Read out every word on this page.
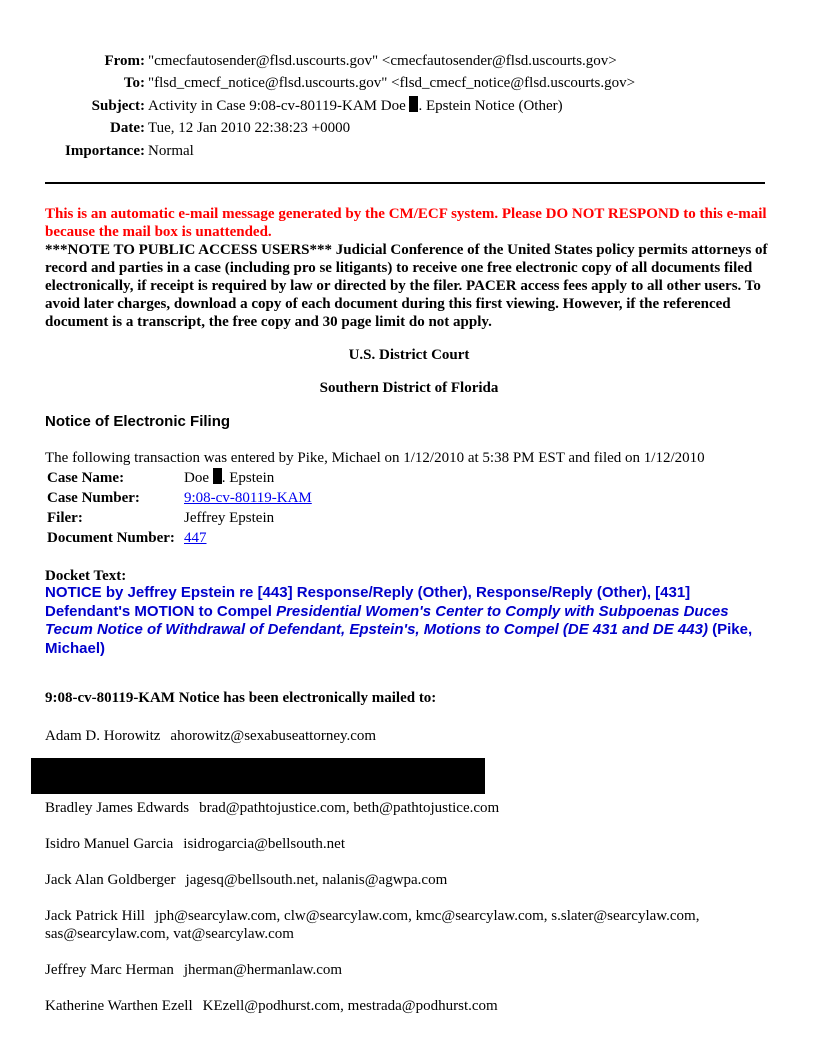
From: "cmecfautosender@flsd.uscourts.gov" <cmecfautosender@flsd.uscourts.gov>
To: "flsd_cmecf_notice@flsd.uscourts.gov" <flsd_cmecf_notice@flsd.uscourts.gov>
Subject: Activity in Case 9:08-cv-80119-KAM Doe . Epstein Notice (Other)
Date: Tue, 12 Jan 2010 22:38:23 +0000
Importance: Normal
This is an automatic e-mail message generated by the CM/ECF system. Please DO NOT RESPOND to this e-mail because the mail box is unattended.
***NOTE TO PUBLIC ACCESS USERS*** Judicial Conference of the United States policy permits attorneys of record and parties in a case (including pro se litigants) to receive one free electronic copy of all documents filed electronically, if receipt is required by law or directed by the filer. PACER access fees apply to all other users. To avoid later charges, download a copy of each document during this first viewing. However, if the referenced document is a transcript, the free copy and 30 page limit do not apply.
U.S. District Court
Southern District of Florida
Notice of Electronic Filing
The following transaction was entered by Pike, Michael on 1/12/2010 at 5:38 PM EST and filed on 1/12/2010
Case Name:	Doe . Epstein
Case Number:	9:08-cv-80119-KAM
Filer:	Jeffrey Epstein
Document Number:	447
Docket Text:
NOTICE by Jeffrey Epstein re [443] Response/Reply (Other), Response/Reply (Other), [431] Defendant's MOTION to Compel Presidential Women's Center to Comply with Subpoenas Duces Tecum Notice of Withdrawal of Defendant, Epstein's, Motions to Compel (DE 431 and DE 443) (Pike, Michael)
9:08-cv-80119-KAM Notice has been electronically mailed to:
Adam D. Horowitz ahorowitz@sexabuseattorney.com
Bradley James Edwards brad@pathtojustice.com, beth@pathtojustice.com
Isidro Manuel Garcia isidrogarcia@bellsouth.net
Jack Alan Goldberger jagesq@bellsouth.net, nalanis@agwpa.com
Jack Patrick Hill jph@searcylaw.com, clw@searcylaw.com, kmc@searcylaw.com, s.slater@searcylaw.com,
sas@searcylaw.com, vat@searcylaw.com
Jeffrey Marc Herman jherman@hermanlaw.com
Katherine Warthen Ezell KEzell@podhurst.com, mestrada@podhurst.com
